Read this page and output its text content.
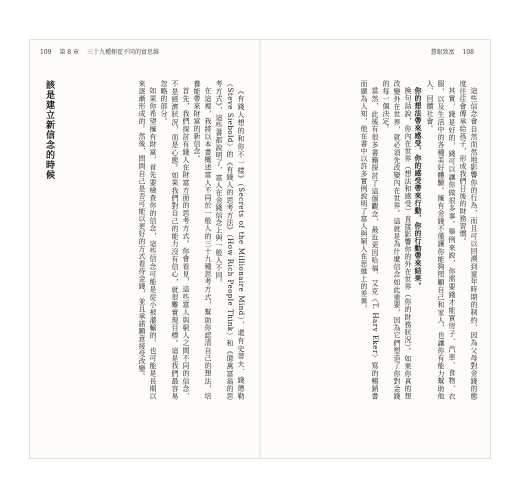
109 第 8 章 三十九種揮霍不同的富思維

《有錢人想的和你不一樣》（Secrets of the Millionaire Mind），還有史蒂夫．錢德勒（Steve Siebold）的《有錢人的思考方法》（How Rich People Think）和《億萬富翁的思考方式》，這些書都說明了，富人在金錢信念上與一般人不同。

在這裡，我將以本書概述富人不同於一般人的三十九種思考方式，幫助你認清自己的想法，培養能帶來財富的新信念。

首先，我們探討有錢人在財富方面的思考方式。你會看見，這些富人與窮人之間不同的信念，不是經濟狀況，而是心態。如果我們對自己的能力沒有信心，就很難實現目標。這是我們最容易忽略的部分。

如果你希望擁有財富，首先要檢查你的信念，這些信念可能是從小被灌輸的，也可能是長期以來逐漸形成的。然後，問問自己是否可能以更好的方式看待金錢，並且承諾願意接受改變。

該是建立新信念的時候

慧眼致富 108

這些信念會自然而然地影響你的行為，而且可以回溯到童年時期的制約，因為父母對金錢的態度往往會傳承給孩子，形成我們日後的財務習慣。

其實，錢是好的，錢可以讓你做很多事。舉例來說，你需要錢才能買房子、汽車、食物、衣服，以及生活中的各種美好體驗。擁有金錢不僅讓你能夠照顧自己和家人，也讓你有能力幫助他人、回饋社會。

你的想法帶來感受，你的感受帶來行動，你的行動帶來結果。

換句話說，你內在世界（想法和感受）直接影響你的外在世界（你的財務狀況）。如果你真的想改變外在世界，就必須先改變內在世界。這就是為什麼信念如此重要，因為它們塑造了你對金錢的每一個決定。

當然，此後有很多書籍探討了這個觀念，最近更因哈福．艾克（T. Harv Eker）寫的暢銷書而廣為人知，他在書中以許多實例說明了富人與窮人在思維上的差異。
